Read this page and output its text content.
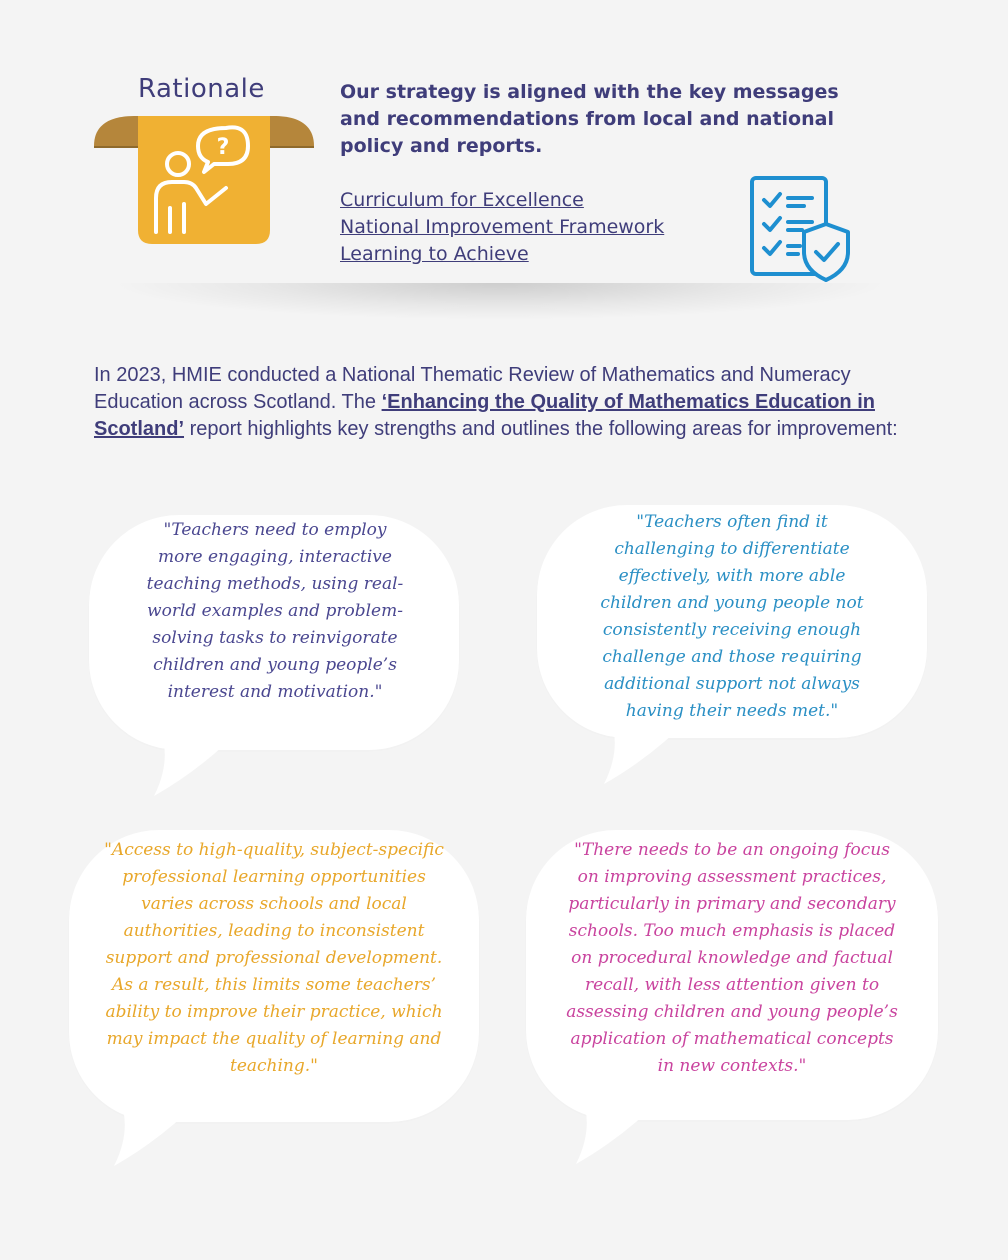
Rationale
?
Our strategy is aligned with the key messages and recommendations from local and national policy and reports.
Curriculum for Excellence
National Improvement Framework
Learning to Achieve
In 2023, HMIE conducted a National Thematic Review of Mathematics and Numeracy Education across Scotland. The ‘Enhancing the Quality of Mathematics Education in Scotland’ report highlights key strengths and outlines the following areas for improvement:
"Teachers need to employ more engaging, interactive teaching methods, using real-world examples and problem-solving tasks to reinvigorate children and young people’s interest and motivation."
"Teachers often find it challenging to differentiate effectively, with more able children and young people not consistently receiving enough challenge and those requiring additional support not always having their needs met."
"Access to high-quality, subject-specific professional learning opportunities varies across schools and local authorities, leading to inconsistent support and professional development. As a result, this limits some teachers’ ability to improve their practice, which may impact the quality of learning and teaching."
"There needs to be an ongoing focus on improving assessment practices, particularly in primary and secondary schools. Too much emphasis is placed on procedural knowledge and factual recall, with less attention given to assessing children and young people’s application of mathematical concepts in new contexts."
